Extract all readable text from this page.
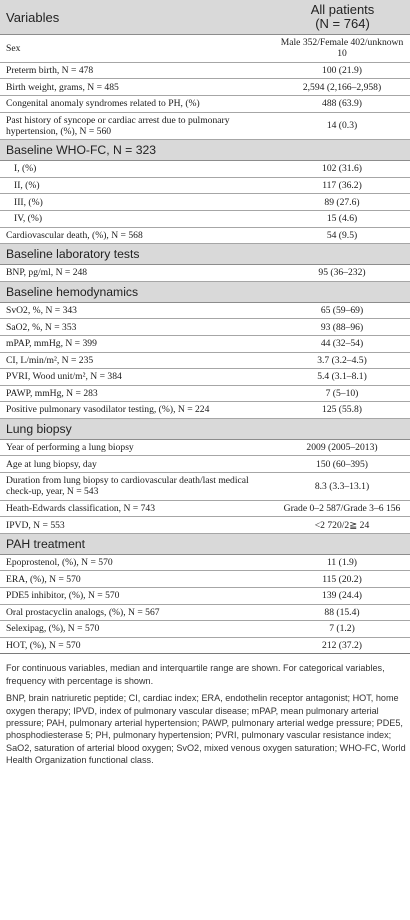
Variables	All patients
(N = 764)
Sex	Male 352/Female 402/unknown 10
Preterm birth, N = 478	100 (21.9)
Birth weight, grams, N = 485	2,594 (2,166–2,958)
Congenital anomaly syndromes related to PH, (%)	488 (63.9)
Past history of syncope or cardiac arrest due to pulmonary hypertension, (%), N = 560	14 (0.3)
Baseline WHO-FC, N = 323	
I, (%)	102 (31.6)
II, (%)	117 (36.2)
III, (%)	89 (27.6)
IV, (%)	15 (4.6)
Cardiovascular death, (%), N = 568	54 (9.5)
Baseline laboratory tests	
BNP, pg/ml, N = 248	95 (36–232)
Baseline hemodynamics	
SvO2, %, N = 343	65 (59–69)
SaO2, %, N = 353	93 (88–96)
mPAP, mmHg, N = 399	44 (32–54)
CI, L/min/m², N = 235	3.7 (3.2–4.5)
PVRI, Wood unit/m², N = 384	5.4 (3.1–8.1)
PAWP, mmHg, N = 283	7 (5–10)
Positive pulmonary vasodilator testing, (%), N = 224	125 (55.8)
Lung biopsy	
Year of performing a lung biopsy	2009 (2005–2013)
Age at lung biopsy, day	150 (60–395)
Duration from lung biopsy to cardiovascular death/last medical check-up, year, N = 543	8.3 (3.3–13.1)
Heath-Edwards classification, N = 743	Grade 0–2 587/Grade 3–6 156
IPVD, N = 553	<2 720/2≧ 24
PAH treatment	
Epoprostenol, (%), N = 570	11 (1.9)
ERA, (%), N = 570	115 (20.2)
PDE5 inhibitor, (%), N = 570	139 (24.4)
Oral prostacyclin analogs, (%), N = 567	88 (15.4)
Selexipag, (%), N = 570	7 (1.2)
HOT, (%), N = 570	212 (37.2)

For continuous variables, median and interquartile range are shown. For categorical variables, frequency with percentage is shown.

BNP, brain natriuretic peptide; CI, cardiac index; ERA, endothelin receptor antagonist; HOT, home oxygen therapy; IPVD, index of pulmonary vascular disease; mPAP, mean pulmonary arterial pressure; PAH, pulmonary arterial hypertension; PAWP, pulmonary arterial wedge pressure; PDE5, phosphodiesterase 5; PH, pulmonary hypertension; PVRI, pulmonary vascular resistance index; SaO2, saturation of arterial blood oxygen; SvO2, mixed venous oxygen saturation; WHO-FC, World Health Organization functional class.
